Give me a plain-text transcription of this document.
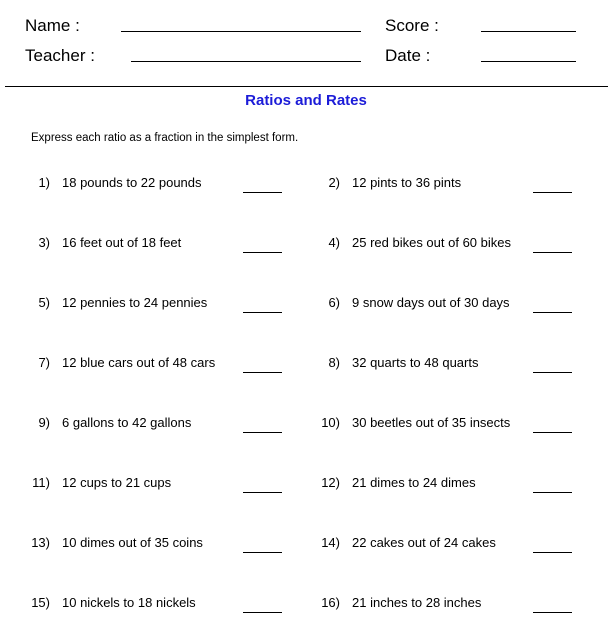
Name :	Score :
Teacher :	Date :
Ratios and Rates
Express each ratio as a fraction in the simplest form.
1) 18 pounds to 22 pounds	2) 12 pints to 36 pints
3) 16 feet out of 18 feet	4) 25 red bikes out of 60 bikes
5) 12 pennies to 24 pennies	6) 9 snow days out of 30 days
7) 12 blue cars out of 48 cars	8) 32 quarts to 48 quarts
9) 6 gallons to 42 gallons	10) 30 beetles out of 35 insects
11) 12 cups to 21 cups	12) 21 dimes to 24 dimes
13) 10 dimes out of 35 coins	14) 22 cakes out of 24 cakes
15) 10 nickels to 18 nickels	16) 21 inches to 28 inches
